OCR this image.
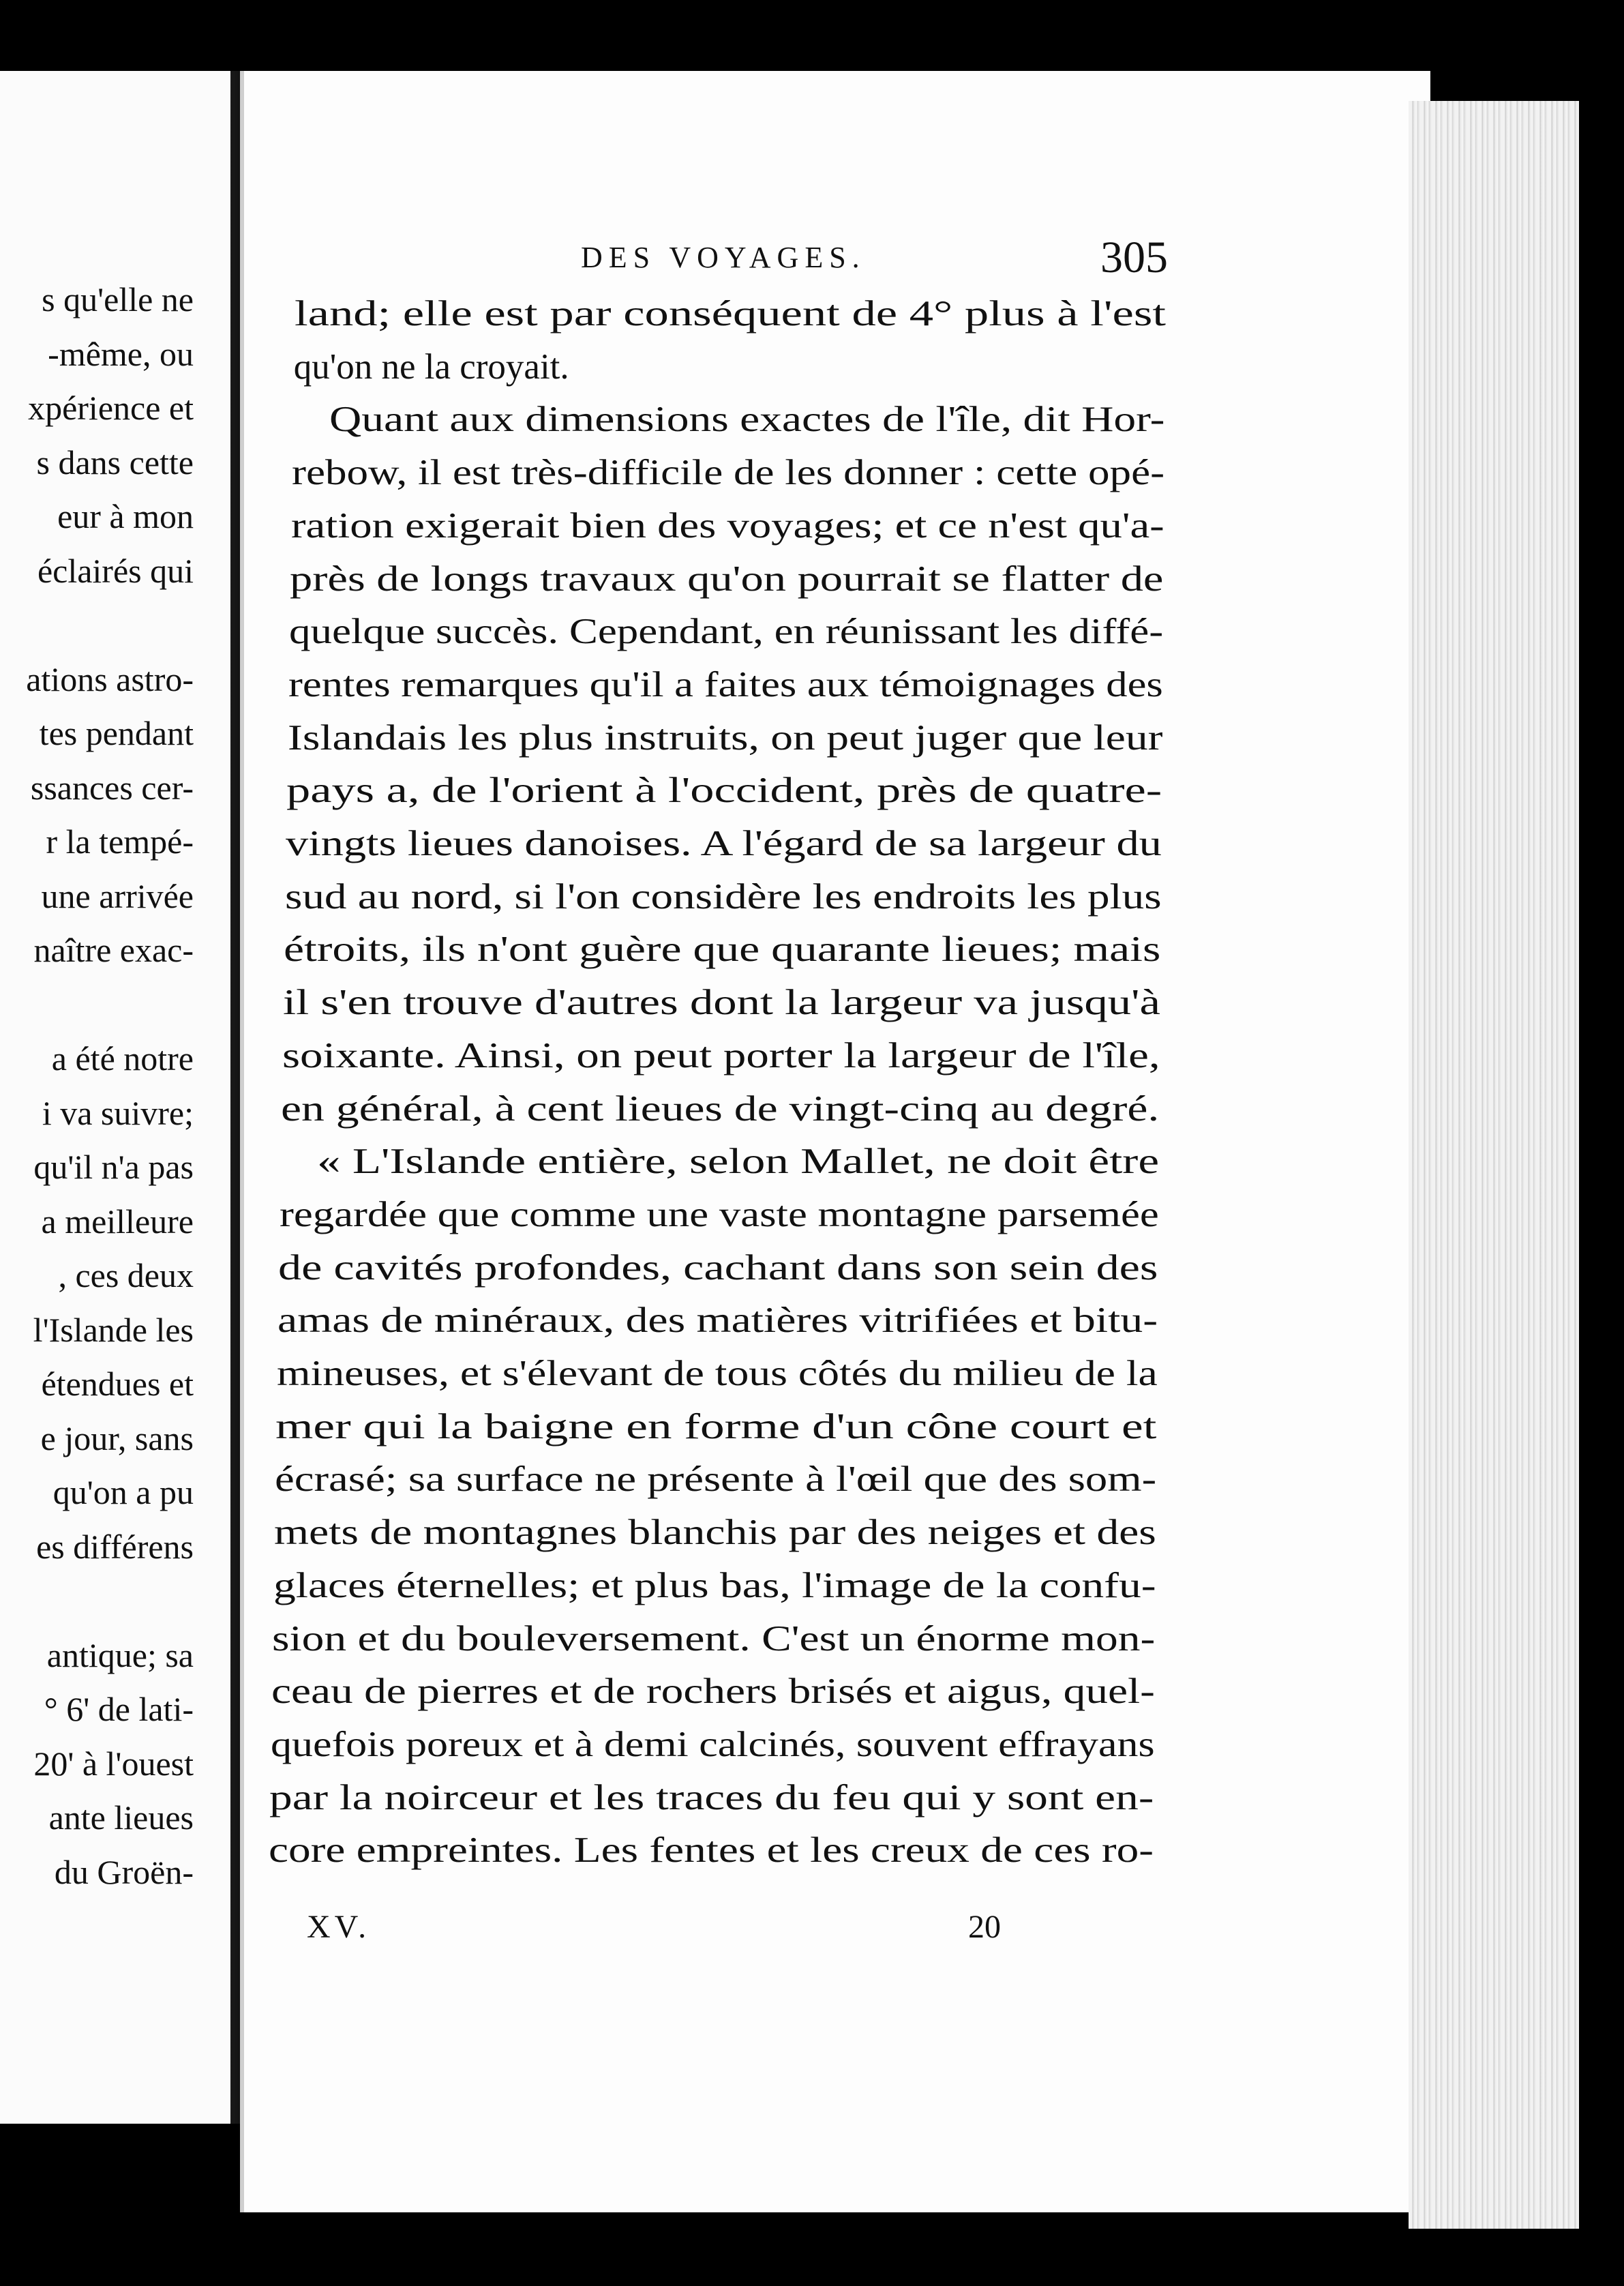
DES VOYAGES.	305
XV.	20
land; elle est par conséquent de 4° plus à l'est
qu'on ne la croyait.
Quant aux dimensions exactes de l'île, dit Hor-
rebow, il est très-difficile de les donner : cette opé-
ration exigerait bien des voyages; et ce n'est qu'a-
près de longs travaux qu'on pourrait se flatter de
quelque succès. Cependant, en réunissant les diffé-
rentes remarques qu'il a faites aux témoignages des
Islandais les plus instruits, on peut juger que leur
pays a, de l'orient à l'occident, près de quatre-
vingts lieues danoises. A l'égard de sa largeur du
sud au nord, si l'on considère les endroits les plus
étroits, ils n'ont guère que quarante lieues; mais
il s'en trouve d'autres dont la largeur va jusqu'à
soixante. Ainsi, on peut porter la largeur de l'île,
en général, à cent lieues de vingt-cinq au degré.
« L'Islande entière, selon Mallet, ne doit être
regardée que comme une vaste montagne parsemée
de cavités profondes, cachant dans son sein des
amas de minéraux, des matières vitrifiées et bitu-
mineuses, et s'élevant de tous côtés du milieu de la
mer qui la baigne en forme d'un cône court et
écrasé; sa surface ne présente à l'œil que des som-
mets de montagnes blanchis par des neiges et des
glaces éternelles; et plus bas, l'image de la confu-
sion et du bouleversement. C'est un énorme mon-
ceau de pierres et de rochers brisés et aigus, quel-
quefois poreux et à demi calcinés, souvent effrayans
par la noirceur et les traces du feu qui y sont en-
core empreintes. Les fentes et les creux de ces ro-
s qu'elle ne
-même, ou
xpérience et
s dans cette
eur à mon
éclairés qui
ations astro-
tes pendant
ssances cer-
r la tempé-
une arrivée
naître exac-
a été notre
i va suivre;
qu'il n'a pas
a meilleure
, ces deux
l'Islande les
étendues et
e jour, sans
qu'on a pu
es différens
antique; sa
° 6' de lati-
20' à l'ouest
ante lieues
du Groën-
